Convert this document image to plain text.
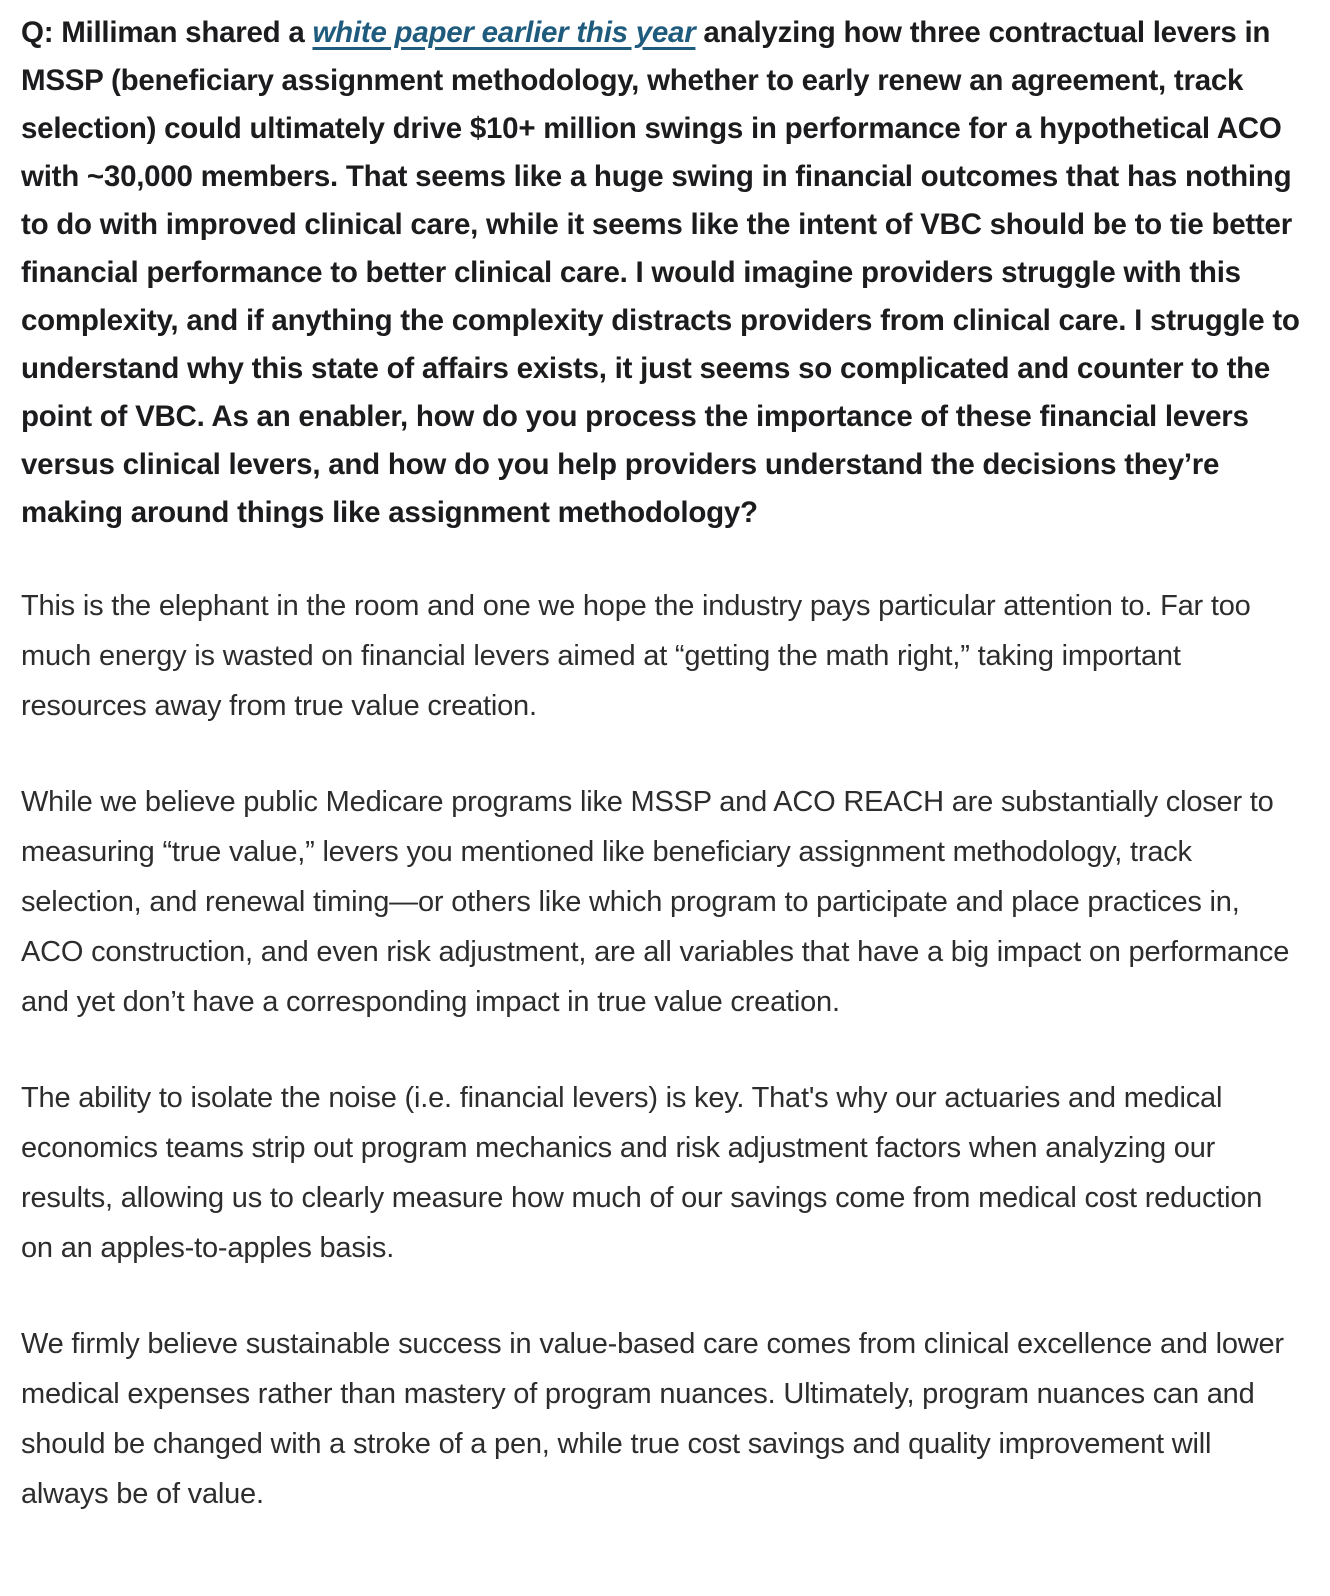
Q: Milliman shared a white paper earlier this year analyzing how three contractual levers in MSSP (beneficiary assignment methodology, whether to early renew an agreement, track selection) could ultimately drive $10+ million swings in performance for a hypothetical ACO with ~30,000 members. That seems like a huge swing in financial outcomes that has nothing to do with improved clinical care, while it seems like the intent of VBC should be to tie better financial performance to better clinical care. I would imagine providers struggle with this complexity, and if anything the complexity distracts providers from clinical care. I struggle to understand why this state of affairs exists, it just seems so complicated and counter to the point of VBC. As an enabler, how do you process the importance of these financial levers versus clinical levers, and how do you help providers understand the decisions they’re making around things like assignment methodology?

This is the elephant in the room and one we hope the industry pays particular attention to. Far too much energy is wasted on financial levers aimed at “getting the math right,” taking important resources away from true value creation.

While we believe public Medicare programs like MSSP and ACO REACH are substantially closer to measuring “true value,” levers you mentioned like beneficiary assignment methodology, track selection, and renewal timing—or others like which program to participate and place practices in, ACO construction, and even risk adjustment, are all variables that have a big impact on performance and yet don’t have a corresponding impact in true value creation.

The ability to isolate the noise (i.e. financial levers) is key. That's why our actuaries and medical economics teams strip out program mechanics and risk adjustment factors when analyzing our results, allowing us to clearly measure how much of our savings come from medical cost reduction on an apples-to-apples basis.

We firmly believe sustainable success in value-based care comes from clinical excellence and lower medical expenses rather than mastery of program nuances. Ultimately, program nuances can and should be changed with a stroke of a pen, while true cost savings and quality improvement will always be of value.
